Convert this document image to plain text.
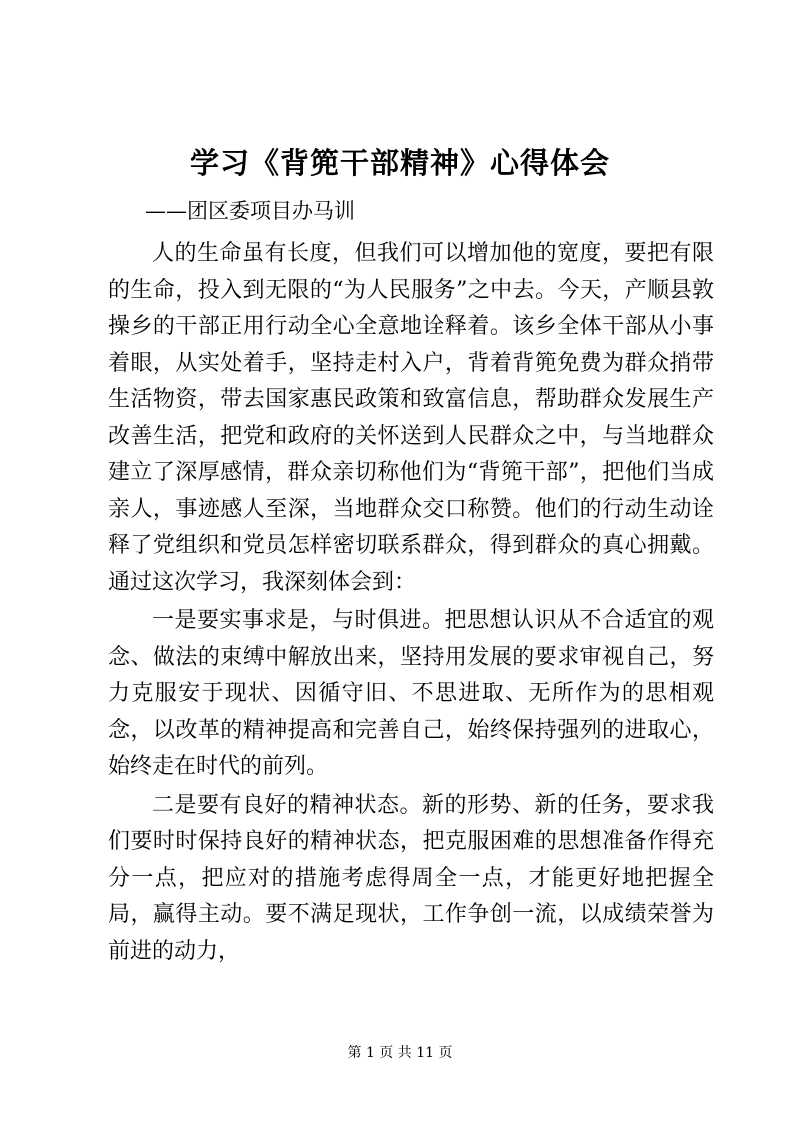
学习《背篼干部精神》心得体会
——团区委项目办马训

人的生命虽有长度，但我们可以增加他的宽度，要把有限的生命，投入到无限的“为人民服务”之中去。今天，产顺县敦操乡的干部正用行动全心全意地诠释着。该乡全体干部从小事着眼，从实处着手，坚持走村入户，背着背篼免费为群众捎带生活物资，带去国家惠民政策和致富信息，帮助群众发展生产改善生活，把党和政府的关怀送到人民群众之中，与当地群众建立了深厚感情，群众亲切称他们为“背篼干部”，把他们当成亲人，事迹感人至深，当地群众交口称赞。他们的行动生动诠释了党组织和党员怎样密切联系群众，得到群众的真心拥戴。通过这次学习，我深刻体会到：

一是要实事求是，与时俱进。把思想认识从不合适宜的观念、做法的束缚中解放出来，坚持用发展的要求审视自己，努力克服安于现状、因循守旧、不思进取、无所作为的思相观念，以改革的精神提高和完善自己，始终保持强列的进取心，始终走在时代的前列。

二是要有良好的精神状态。新的形势、新的任务，要求我们要时时保持良好的精神状态，把克服困难的思想准备作得充分一点，把应对的措施考虑得周全一点，才能更好地把握全局，赢得主动。要不满足现状，工作争创一流，以成绩荣誉为前进的动力，

第 1 页 共 11 页
